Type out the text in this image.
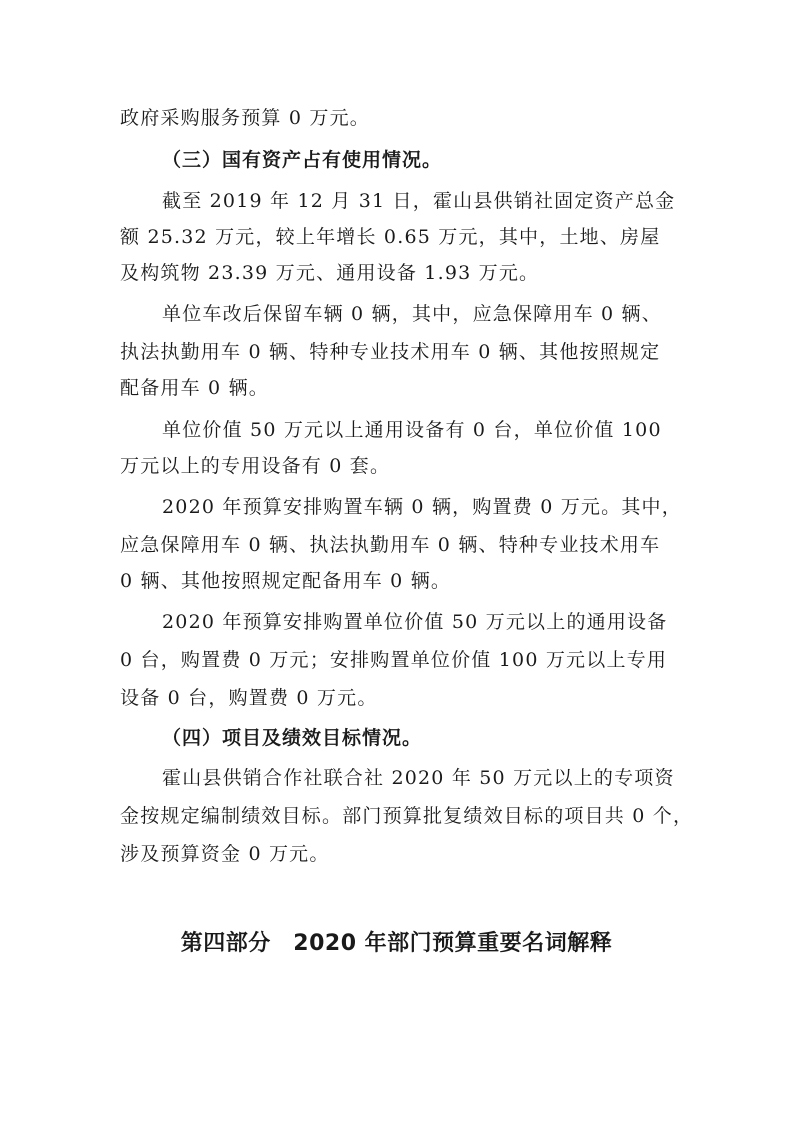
政府采购服务预算 0 万元。
（三）国有资产占有使用情况。
截至 2019 年 12 月 31 日，霍山县供销社固定资产总金
额 25.32 万元，较上年增长 0.65 万元，其中，土地、房屋
及构筑物 23.39 万元、通用设备 1.93 万元。
单位车改后保留车辆 0 辆，其中，应急保障用车 0 辆、
执法执勤用车 0 辆、特种专业技术用车 0 辆、其他按照规定
配备用车 0 辆。
单位价值 50 万元以上通用设备有 0 台，单位价值 100
万元以上的专用设备有 0 套。
2020 年预算安排购置车辆 0 辆，购置费 0 万元。其中，
应急保障用车 0 辆、执法执勤用车 0 辆、特种专业技术用车
0 辆、其他按照规定配备用车 0 辆。
2020 年预算安排购置单位价值 50 万元以上的通用设备
0 台，购置费 0 万元；安排购置单位价值 100 万元以上专用
设备 0 台，购置费 0 万元。
（四）项目及绩效目标情况。
霍山县供销合作社联合社 2020 年 50 万元以上的专项资
金按规定编制绩效目标。部门预算批复绩效目标的项目共 0 个，
涉及预算资金 0 万元。
第四部分　2020 年部门预算重要名词解释
